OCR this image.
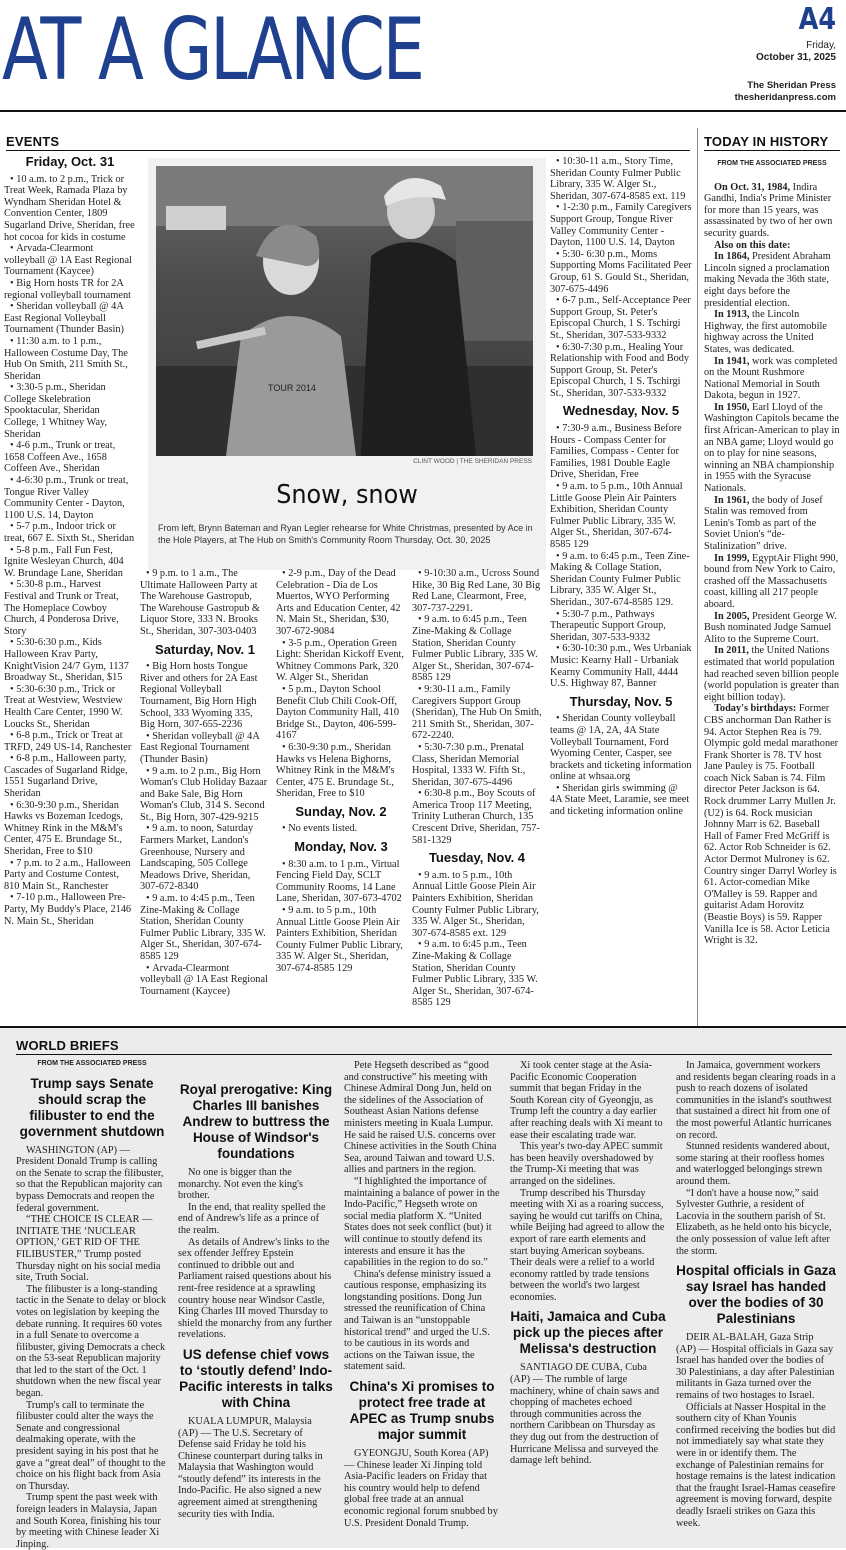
AT A GLANCE	A4
Friday,
October 31, 2025
The Sheridan Press
thesheridanpress.com
EVENTS
Friday, Oct. 31
• 10 a.m. to 2 p.m., Trick or Treat Week, Ramada Plaza by Wyndham Sheridan Hotel & Convention Center, 1809 Sugarland Drive, Sheridan, free hot cocoa for kids in costume
• Arvada-Clearmont volleyball @ 1A East Regional Tournament (Kaycee)
• Big Horn hosts TR for 2A regional volleyball tournament
• Sheridan volleyball @ 4A East Regional Volleyball Tournament (Thunder Basin)
• 11:30 a.m. to 1 p.m., Halloween Costume Day, The Hub On Smith, 211 Smith St., Sheridan
• 3:30-5 p.m., Sheridan College Skelebration Spooktacular, Sheridan College, 1 Whitney Way, Sheridan
• 4-6 p.m., Trunk or treat, 1658 Coffeen Ave., 1658 Coffeen Ave., Sheridan
• 4-6:30 p.m., Trunk or treat, Tongue River Valley Community Center - Dayton, 1100 U.S. 14, Dayton
• 5-7 p.m., Indoor trick or treat, 667 E. Sixth St., Sheridan
• 5-8 p.m., Fall Fun Fest, Ignite Wesleyan Church, 404 W. Brundage Lane, Sheridan
• 5:30-8 p.m., Harvest Festival and Trunk or Treat, The Homeplace Cowboy Church, 4 Ponderosa Drive, Story
• 5:30-6:30 p.m., Kids Halloween Krav Party, KnightVision 24/7 Gym, 1137 Broadway St., Sheridan, $15
• 5:30-6:30 p.m., Trick or Treat at Westview, Westview Health Care Center, 1990 W. Loucks St., Sheridan
• 6-8 p.m., Trick or Treat at TRFD, 249 US-14, Ranchester
• 6-8 p.m., Halloween party, Cascades of Sugarland Ridge, 1551 Sugarland Drive, Sheridan
• 6:30-9:30 p.m., Sheridan Hawks vs Bozeman Icedogs, Whitney Rink in the M&M's Center, 475 E. Brundage St., Sheridan, Free to $10
• 7 p.m. to 2 a.m., Halloween Party and Costume Contest, 810 Main St., Ranchester
• 7-10 p.m., Halloween Pre-Party, My Buddy's Place, 2146 N. Main St., Sheridan
TOUR 2014
CLINT WOOD | THE SHERIDAN PRESS
Snow, snow
From left, Brynn Bateman and Ryan Legler rehearse for White Christmas, presented by Ace in the Hole Players, at The Hub on Smith's Community Room Thursday, Oct. 30, 2025
• 9 p.m. to 1 a.m., The Ultimate Halloween Party at The Warehouse Gastropub, The Warehouse Gastropub & Liquor Store, 333 N. Brooks St., Sheridan, 307-303-0403
Saturday, Nov. 1
• Big Horn hosts Tongue River and others for 2A East Regional Volleyball Tournament, Big Horn High School, 333 Wyoming 335, Big Horn, 307-655-2236
• Sheridan volleyball @ 4A East Regional Tournament (Thunder Basin)
• 9 a.m. to 2 p.m., Big Horn Woman's Club Holiday Bazaar and Bake Sale, Big Horn Woman's Club, 314 S. Second St., Big Horn, 307-429-9215
• 9 a.m. to noon, Saturday Farmers Market, Landon's Greenhouse, Nursery and Landscaping, 505 College Meadows Drive, Sheridan, 307-672-8340
• 9 a.m. to 4:45 p.m., Teen Zine-Making & Collage Station, Sheridan County Fulmer Public Library, 335 W. Alger St., Sheridan, 307-674-8585 129
• Arvada-Clearmont volleyball @ 1A East Regional Tournament (Kaycee)
• 2-9 p.m., Day of the Dead Celebration - Dia de Los Muertos, WYO Performing Arts and Education Center, 42 N. Main St., Sheridan, $30, 307-672-9084
• 3-5 p.m., Operation Green Light: Sheridan Kickoff Event, Whitney Commons Park, 320 W. Alger St., Sheridan
• 5 p.m., Dayton School Benefit Club Chili Cook-Off, Dayton Community Hall, 410 Bridge St., Dayton, 406-599-4167
• 6:30-9:30 p.m., Sheridan Hawks vs Helena Bighorns, Whitney Rink in the M&M's Center, 475 E. Brundage St., Sheridan, Free to $10
Sunday, Nov. 2
• No events listed.
Monday, Nov. 3
• 8:30 a.m. to 1 p.m., Virtual Fencing Field Day, SCLT Community Rooms, 14 Lane Lane, Sheridan, 307-673-4702
• 9 a.m. to 5 p.m., 10th Annual Little Goose Plein Air Painters Exhibition, Sheridan County Fulmer Public Library, 335 W. Alger St., Sheridan, 307-674-8585 129
• 9-10:30 a.m., Ucross Sound Hike, 30 Big Red Lane, 30 Big Red Lane, Clearmont, Free, 307-737-2291.
• 9 a.m. to 6:45 p.m., Teen Zine-Making & Collage Station, Sheridan County Fulmer Public Library, 335 W. Alger St., Sheridan, 307-674-8585 129
• 9:30-11 a.m., Family Caregivers Support Group (Sheridan), The Hub On Smith, 211 Smith St., Sheridan, 307-672-2240.
• 5:30-7:30 p.m., Prenatal Class, Sheridan Memorial Hospital, 1333 W. Fifth St., Sheridan, 307-675-4496
• 6:30-8 p.m., Boy Scouts of America Troop 117 Meeting, Trinity Lutheran Church, 135 Crescent Drive, Sheridan, 757-581-1329
Tuesday, Nov. 4
• 9 a.m. to 5 p.m., 10th Annual Little Goose Plein Air Painters Exhibition, Sheridan County Fulmer Public Library, 335 W. Alger St., Sheridan, 307-674-8585 ext. 129
• 9 a.m. to 6:45 p.m., Teen Zine-Making & Collage Station, Sheridan County Fulmer Public Library, 335 W. Alger St., Sheridan, 307-674-8585 129
• 10:30-11 a.m., Story Time, Sheridan County Fulmer Public Library, 335 W. Alger St., Sheridan, 307-674-8585 ext. 119
• 1-2:30 p.m., Family Caregivers Support Group, Tongue River Valley Community Center - Dayton, 1100 U.S. 14, Dayton
• 5:30- 6:30 p.m., Moms Supporting Moms Facilitated Peer Group, 61 S. Gould St., Sheridan, 307-675-4496
• 6-7 p.m., Self-Acceptance Peer Support Group, St. Peter's Episcopal Church, 1 S. Tschirgi St., Sheridan, 307-533-9332
• 6:30-7:30 p.m., Healing Your Relationship with Food and Body Support Group, St. Peter's Episcopal Church, 1 S. Tschirgi St., Sheridan, 307-533-9332
Wednesday, Nov. 5
• 7:30-9 a.m., Business Before Hours - Compass Center for Families, Compass - Center for Families, 1981 Double Eagle Drive, Sheridan, Free
• 9 a.m. to 5 p.m., 10th Annual Little Goose Plein Air Painters Exhibition, Sheridan County Fulmer Public Library, 335 W. Alger St., Sheridan, 307-674-8585 129
• 9 a.m. to 6:45 p.m., Teen Zine-Making & Collage Station, Sheridan County Fulmer Public Library, 335 W. Alger St., Sheridan., 307-674-8585 129.
• 5:30-7 p.m., Pathways Therapeutic Support Group, Sheridan, 307-533-9332
• 6:30-10:30 p.m., Wes Urbaniak Music: Kearny Hall - Urbaniak Kearny Community Hall, 4444 U.S. Highway 87, Banner
Thursday, Nov. 5
• Sheridan County volleyball teams @ 1A, 2A, 4A State Volleyball Tournament, Ford Wyoming Center, Casper, see brackets and ticketing information online at whsaa.org
• Sheridan girls swimming @ 4A State Meet, Laramie, see meet and ticketing information online
TODAY IN HISTORY
FROM THE ASSOCIATED PRESS

On Oct. 31, 1984, Indira Gandhi, India's Prime Minister for more than 15 years, was assassinated by two of her own security guards.

Also on this date:

In 1864, President Abraham Lincoln signed a proclamation making Nevada the 36th state, eight days before the presidential election.

In 1913, the Lincoln Highway, the first automobile highway across the United States, was dedicated.

In 1941, work was completed on the Mount Rushmore National Memorial in South Dakota, begun in 1927.

In 1950, Earl Lloyd of the Washington Capitols became the first African-American to play in an NBA game; Lloyd would go on to play for nine seasons, winning an NBA championship in 1955 with the Syracuse Nationals.

In 1961, the body of Josef Stalin was removed from Lenin's Tomb as part of the Soviet Union's “de-Stalinization” drive.

In 1999, EgyptAir Flight 990, bound from New York to Cairo, crashed off the Massachusetts coast, killing all 217 people aboard.

In 2005, President George W. Bush nominated Judge Samuel Alito to the Supreme Court.

In 2011, the United Nations estimated that world population had reached seven billion people (world population is greater than eight billion today).

Today's birthdays: Former CBS anchorman Dan Rather is 94. Actor Stephen Rea is 79. Olympic gold medal marathoner Frank Shorter is 78. TV host Jane Pauley is 75. Football coach Nick Saban is 74. Film director Peter Jackson is 64. Rock drummer Larry Mullen Jr. (U2) is 64. Rock musician Johnny Marr is 62. Baseball Hall of Famer Fred McGriff is 62. Actor Rob Schneider is 62. Actor Dermot Mulroney is 62. Country singer Darryl Worley is 61. Actor-comedian Mike O'Malley is 59. Rapper and guitarist Adam Horovitz (Beastie Boys) is 59. Rapper Vanilla Ice is 58. Actor Leticia Wright is 32.

WORLD BRIEFS
FROM THE ASSOCIATED PRESS
Trump says Senate should scrap the filibuster to end the government shutdown

WASHINGTON (AP) — President Donald Trump is calling on the Senate to scrap the filibuster, so that the Republican majority can bypass Democrats and reopen the federal government.

“THE CHOICE IS CLEAR — INITIATE THE ‘NUCLEAR OPTION,’ GET RID OF THE FILIBUSTER,” Trump posted Thursday night on his social media site, Truth Social.

The filibuster is a long-standing tactic in the Senate to delay or block votes on legislation by keeping the debate running. It requires 60 votes in a full Senate to overcome a filibuster, giving Democrats a check on the 53-seat Republican majority that led to the start of the Oct. 1 shutdown when the new fiscal year began.

Trump's call to terminate the filibuster could alter the ways the Senate and congressional dealmaking operate, with the president saying in his post that he gave a “great deal” of thought to the choice on his flight back from Asia on Thursday.

Trump spent the past week with foreign leaders in Malaysia, Japan and South Korea, finishing his tour by meeting with Chinese leader Xi Jinping.

Royal prerogative: King Charles III banishes Andrew to buttress the House of Windsor's foundations

No one is bigger than the monarchy. Not even the king's brother.

In the end, that reality spelled the end of Andrew's life as a prince of the realm.

As details of Andrew's links to the sex offender Jeffrey Epstein continued to dribble out and Parliament raised questions about his rent-free residence at a sprawling country house near Windsor Castle, King Charles III moved Thursday to shield the monarchy from any further revelations.

US defense chief vows to ‘stoutly defend’ Indo-Pacific interests in talks with China

KUALA LUMPUR, Malaysia (AP) — The U.S. Secretary of Defense said Friday he told his Chinese counterpart during talks in Malaysia that Washington would “stoutly defend” its interests in the Indo-Pacific. He also signed a new agreement aimed at strengthening security ties with India.

Pete Hegseth described as “good and constructive” his meeting with Chinese Admiral Dong Jun, held on the sidelines of the Association of Southeast Asian Nations defense ministers meeting in Kuala Lumpur. He said he raised U.S. concerns over Chinese activities in the South China Sea, around Taiwan and toward U.S. allies and partners in the region.

“I highlighted the importance of maintaining a balance of power in the Indo-Pacific,” Hegseth wrote on social media platform X. “United States does not seek conflict (but) it will continue to stoutly defend its interests and ensure it has the capabilities in the region to do so.”

China's defense ministry issued a cautious response, emphasizing its longstanding positions. Dong Jun stressed the reunification of China and Taiwan is an “unstoppable historical trend” and urged the U.S. to be cautious in its words and actions on the Taiwan issue, the statement said.

China's Xi promises to protect free trade at APEC as Trump snubs major summit

GYEONGJU, South Korea (AP) — Chinese leader Xi Jinping told Asia-Pacific leaders on Friday that his country would help to defend global free trade at an annual economic regional forum snubbed by U.S. President Donald Trump.

Xi took center stage at the Asia-Pacific Economic Cooperation summit that began Friday in the South Korean city of Gyeongju, as Trump left the country a day earlier after reaching deals with Xi meant to ease their escalating trade war.

This year's two-day APEC summit has been heavily overshadowed by the Trump-Xi meeting that was arranged on the sidelines.

Trump described his Thursday meeting with Xi as a roaring success, saying he would cut tariffs on China, while Beijing had agreed to allow the export of rare earth elements and start buying American soybeans. Their deals were a relief to a world economy rattled by trade tensions between the world's two largest economies.

Haiti, Jamaica and Cuba pick up the pieces after Melissa's destruction

SANTIAGO DE CUBA, Cuba (AP) — The rumble of large machinery, whine of chain saws and chopping of machetes echoed through communities across the northern Caribbean on Thursday as they dug out from the destruction of Hurricane Melissa and surveyed the damage left behind.

In Jamaica, government workers and residents began clearing roads in a push to reach dozens of isolated communities in the island's southwest that sustained a direct hit from one of the most powerful Atlantic hurricanes on record.

Stunned residents wandered about, some staring at their roofless homes and waterlogged belongings strewn around them.

“I don't have a house now,” said Sylvester Guthrie, a resident of Lacovia in the southern parish of St. Elizabeth, as he held onto his bicycle, the only possession of value left after the storm.

Hospital officials in Gaza say Israel has handed over the bodies of 30 Palestinians

DEIR AL-BALAH, Gaza Strip (AP) — Hospital officials in Gaza say Israel has handed over the bodies of 30 Palestinians, a day after Palestinian militants in Gaza turned over the remains of two hostages to Israel.

Officials at Nasser Hospital in the southern city of Khan Younis confirmed receiving the bodies but did not immediately say what state they were in or identify them. The exchange of Palestinian remains for hostage remains is the latest indication that the fraught Israel-Hamas ceasefire agreement is moving forward, despite deadly Israeli strikes on Gaza this week.
